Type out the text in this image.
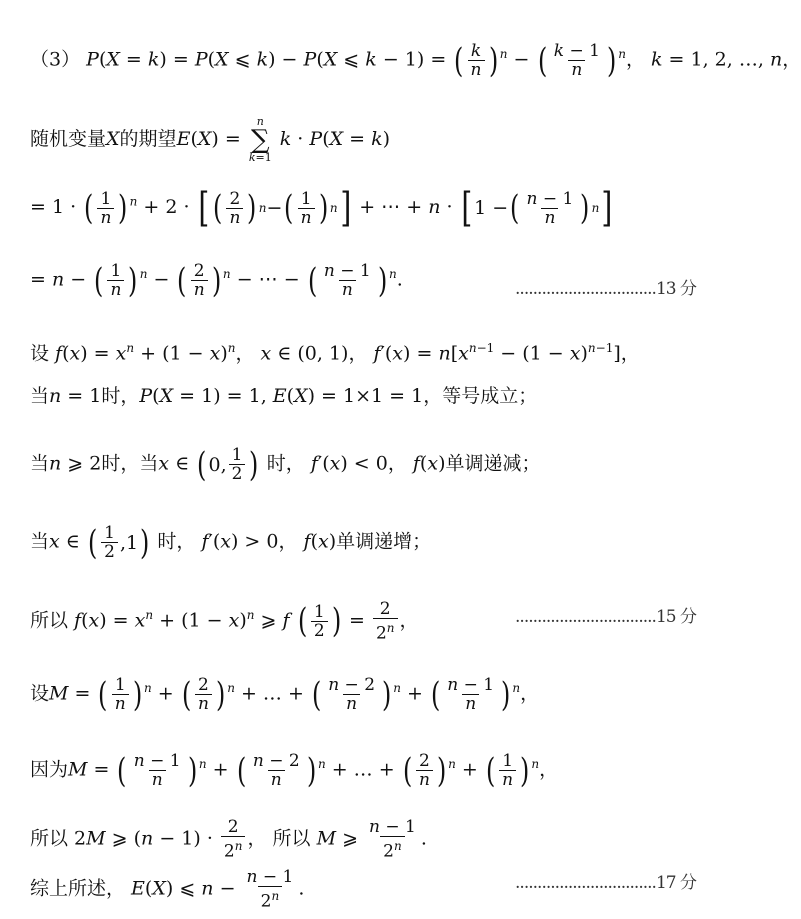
（3） P(X = k) = P(X ⩽ k) − P(X ⩽ k − 1) = ( $\frac{k}{n}$ ) $^n$ − ( $\frac{k - 1}{n}$ ) $^n$， k = 1, 2, …, n，
随机变量X的期望E(X) =
n
∑
k=1
k · P(X = k)
= 1 · ( $\frac{1}{n}$ ) $^n$ + 2 · [ ( $\frac{2}{n}$ ) n − ( $\frac{1}{n}$ ) n ] + ⋯ + n · [ 1 − ( $\frac{n - 1}{n}$ ) n ]
= n − ( $\frac{1}{n}$ ) $^n$ − ( $\frac{2}{n}$ ) $^n$ − ⋯ − ( $\frac{n - 1}{n}$ ) $^n$.	................................13 分
设 $f(x) = x^n + (1 - x)^n$， x ∈ (0, 1)， $f'(x) = n[x^{n-1} - (1 - x)^{n-1}]$，
当n = 1时，P(X = 1) = 1, E(X) = 1×1 = 1，等号成立；
当n ⩾ 2时，当x ∈ ( 0, $\frac{1}{2}$ ) 时， f′(x) < 0， f(x)单调递减；
当x ∈ ( $\frac{1}{2} ,1$ ) 时， f′(x) > 0， f(x)单调递增；
所以 $f(x) = x^n + (1 - x)^n$ ⩾ f ( $\frac{1}{2}$ ) = $\frac{2}{2^n}$ ，	................................15 分
设M = ( $\frac{1}{n}$ ) $^n$ + ( $\frac{2}{n}$ ) $^n$ + … + ( $\frac{n - 2}{n}$ ) $^n$ + ( $\frac{n - 1}{n}$ ) $^n$，
因为M = ( $\frac{n - 1}{n}$ ) $^n$ + ( $\frac{n - 2}{n}$ ) $^n$ + … + ( $\frac{2}{n}$ ) $^n$ + ( $\frac{1}{n}$ ) $^n$，
所以 2M ⩾ $(n - 1) \cdot \frac{2}{2^n}$ ， 所以 M ⩾ $\frac{n - 1}{2^n}$ .
综上所述， E(X) ⩽ $n - \frac{n - 1}{2^n}$ .	................................17 分
